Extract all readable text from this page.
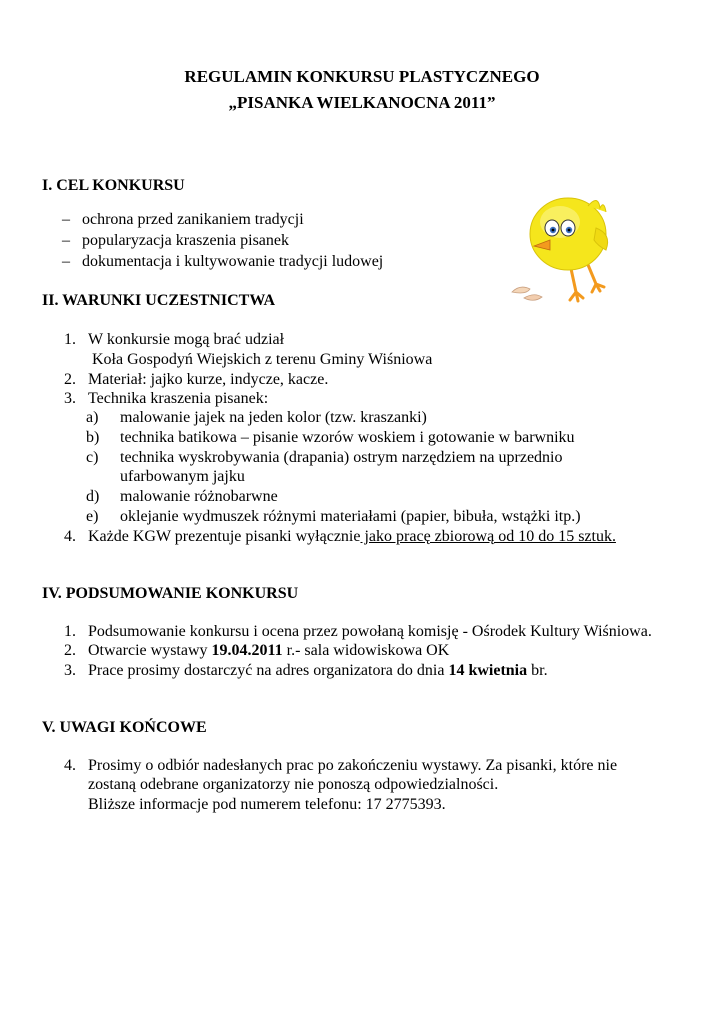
REGULAMIN KONKURSU PLASTYCZNEGO
„PISANKA WIELKANOCNA 2011”
I. CEL KONKURSU
– ochrona przed zanikaniem tradycji
– popularyzacja kraszenia pisanek
– dokumentacja i kultywowanie tradycji ludowej
II. WARUNKI UCZESTNICTWA
1. W konkursie mogą brać udział
Koła Gospodyń Wiejskich z terenu Gminy Wiśniowa
2. Materiał: jajko kurze, indycze, kacze.
3. Technika kraszenia pisanek:
a) malowanie jajek na jeden kolor (tzw. kraszanki)
b) technika batikowa – pisanie wzorów woskiem i gotowanie w barwniku
c) technika wyskrobywania (drapania) ostrym narzędziem na uprzednio
ufarbowanym jajku
d) malowanie różnobarwne
e) oklejanie wydmuszek różnymi materiałami (papier, bibuła, wstążki itp.)
4. Każde KGW prezentuje pisanki wyłącznie jako pracę zbiorową od 10 do 15 sztuk.
IV. PODSUMOWANIE KONKURSU
1. Podsumowanie konkursu i ocena przez powołaną komisję - Ośrodek Kultury Wiśniowa.
2. Otwarcie wystawy 19.04.2011 r.- sala widowiskowa OK
3. Prace prosimy dostarczyć na adres organizatora do dnia 14 kwietnia br.
V. UWAGI KOŃCOWE
4. Prosimy o odbiór nadesłanych prac po zakończeniu wystawy. Za pisanki, które nie
zostaną odebrane organizatorzy nie ponoszą odpowiedzialności.
Bliższe informacje pod numerem telefonu: 17 2775393.
